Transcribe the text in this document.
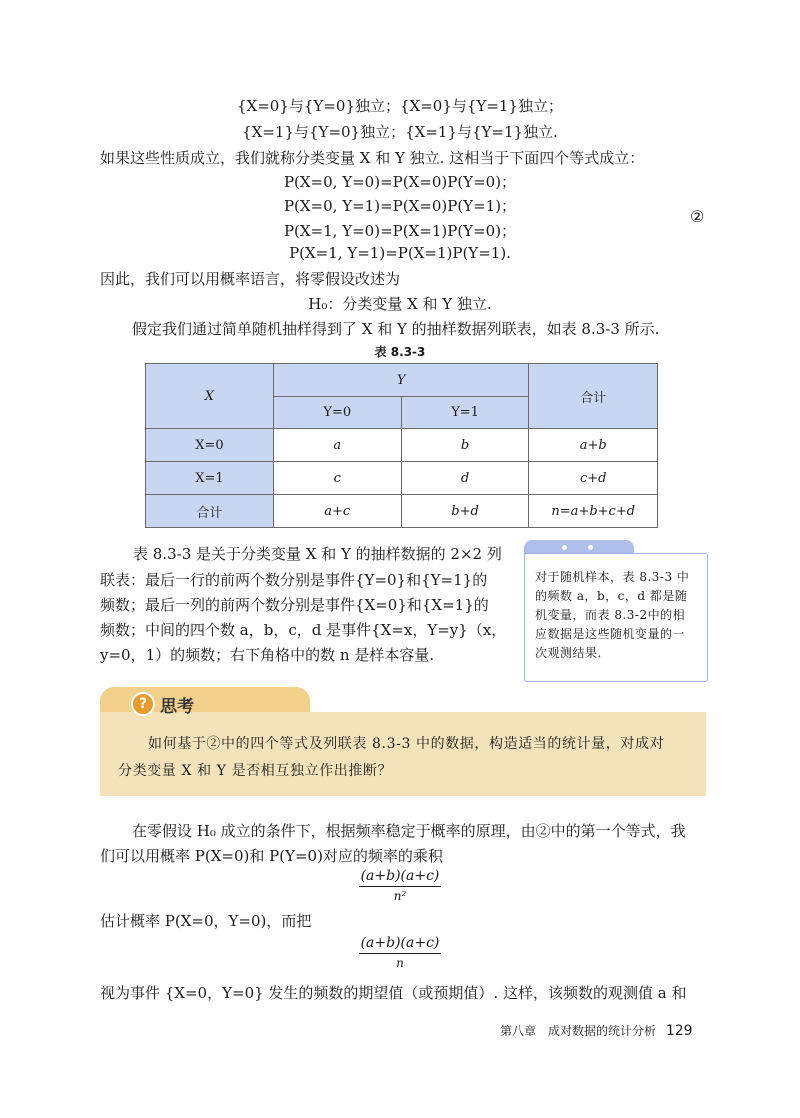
{X=0}与{Y=0}独立；{X=0}与{Y=1}独立；
{X=1}与{Y=0}独立；{X=1}与{Y=1}独立.
如果这些性质成立，我们就称分类变量 X 和 Y 独立. 这相当于下面四个等式成立：
P(X=0, Y=0)=P(X=0)P(Y=0)；
P(X=0, Y=1)=P(X=0)P(Y=1)；
P(X=1, Y=0)=P(X=1)P(Y=0)；
P(X=1, Y=1)=P(X=1)P(Y=1).
②
因此，我们可以用概率语言，将零假设改述为
H₀：分类变量 X 和 Y 独立.
假定我们通过简单随机抽样得到了 X 和 Y 的抽样数据列联表，如表 8.3-3 所示.
表 8.3-3
X	Y		合计
	Y=0	Y=1	
X=0	a	b	a+b
X=1	c	d	c+d
合计	a+c	b+d	n=a+b+c+d
表 8.3-3 是关于分类变量 X 和 Y 的抽样数据的 2×2 列
联表：最后一行的前两个数分别是事件{Y=0}和{Y=1}的
频数；最后一列的前两个数分别是事件{X=0}和{X=1}的
频数；中间的四个数 a，b，c，d 是事件{X=x，Y=y}（x，
y=0，1）的频数；右下角格中的数 n 是样本容量.
对于随机样本，表 8.3-3 中的频数 a，b，c，d 都是随机变量，而表 8.3-2中的相应数据是这些随机变量的一次观测结果.
? 思考
如何基于②中的四个等式及列联表 8.3-3 中的数据，构造适当的统计量，对成对
分类变量 X 和 Y 是否相互独立作出推断？
在零假设 H₀ 成立的条件下，根据频率稳定于概率的原理，由②中的第一个等式，我
们可以用概率 P(X=0)和 P(Y=0)对应的频率的乘积
$\frac{(a+b)(a+c)}{\text{n²}}$
估计概率 P(X=0，Y=0)，而把
$\frac{(a+b)(a+c)}{n}$
视为事件 {X=0，Y=0} 发生的频数的期望值（或预期值）. 这样，该频数的观测值 a 和
第八章　成对数据的统计分析 129
